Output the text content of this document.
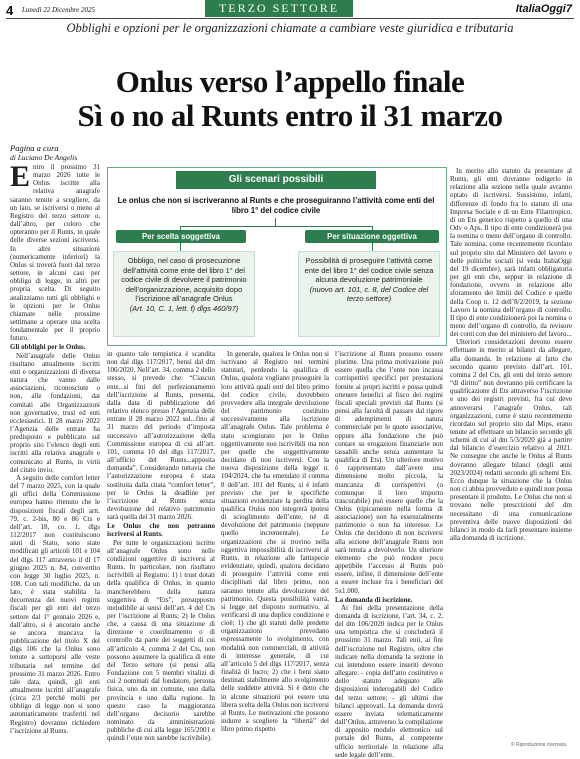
4 Lunedì 22 Dicembre 2025	TERZO SETTORE	ItaliaOggi7
Obblighi e opzioni per le organizzazioni chiamate a cambiare veste giuridica e tributaria
Onlus verso l’appello finale
Sì o no al Runts entro il 31 marzo
Pagina a cura
di Luciano De Angelis
Entro il prossimo 31 marzo 2026 tutte le Onlus iscritte alla relativa anagrafe saranno tenute a scegliere, da un lato, se iscriversi o meno al Registro del terzo settore o, dall’altro, per coloro che opteranno per il Runts, in quale delle diverse sezioni iscriversi. In altre situazioni (numericamente inferiori) la Onlus si troverà fuori dal terzo settore, in alcuni casi per obbligo di legge, in altri per propria scelta. Di seguito analizziamo tutti gli obblighi e le opzioni per le Onlus chiamate nelle prossime settimane a operare una scelta fondamentale per il proprio futuro.

Gli obblighi per le Onlus.

Nell’anagrafe delle Onlus risultano attualmente iscritti enti e organizzazioni di diversa natura che vanno dalle associazioni, riconosciute o non, alle fondazioni, dai comitati alle Organizzazioni non governative, trust ed enti ecclesiastici. Il 28 marzo 2022 l’Agenzia delle entrate ha predisposto e pubblicato sul proprio sito l’elenco degli enti iscritti alla relativa anagrafe e comunicato al Runts, in virtù del citato invio.

A seguito delle comfort letter del 7 marzo 2025, con la quale gli uffici della Commissione europea hanno ritenuto che le disposizioni fiscali degli artt. 79, c. 2-bis, 80 e 86 Cts e dell’art. 18, co. 1, dlgs 112/2017 non costituiscono aiuti di Stato, sono state modificati gli articoli 101 e 104 del dlgs 117 attraverso il dl 17 giugno 2025 n. 84, convertito con legge 30 luglio 2025, n. 108. Con tali modifiche, da un lato, è stata stabilita la decorrenza dei nuovi regimi fiscali per gli enti del terzo settore dal 1° gennaio 2026 e, dall’altro, si è ancorato anche se ancora mancava la pubblicazione del titolo X del dlgs 106 che la Onlus sono tenute a sottoporsi alle veste tributaria nel termine del prossimo 31 marzo 2026. Entro tale data, quindi, gli enti attualmente iscritti all’anagrafe (circa 2/3 perché molti per obbligo di legge non si sono automaticamente trasferiti nel Registro) dovranno richiedere l’iscrizione al Runts.

Gli scenari possibili
Le onlus che non si iscriveranno al Runts e che proseguiranno l’attività come enti del libro 1° del codice civile
Per scelta soggettiva	Per situazione oggettiva
Obbligo, nel caso di prosecuzione dell’attività come ente del libro 1° del codice civile di devolvere il patrimonio dell’organizzazione, acquisito dopo l’iscrizione all’anagrafe Onlus
(Art. 10, C. 1, lett. f) dlgs 460/97)
Possibilità di proseguire l’attività come ente del libro 1° del codice civile senza alcuna devoluzione patrimoniale
(nuovo art. 101, c. 8, del Codice del terzo settore)

in quanto tale tempistica è scandita non dal dlgs 117/2017, bensì dal dm 106/2020. Nell’art. 34, comma 2 dello stesso, si prevede che: “Ciascun ente...si fini del perfezionamento dell’iscrizione al Runts, presenta, dalla data di pubblicazione del relativo elenco presso l’Agenzia delle entrate il 28 marzo 2022 sul...fino al 31 marzo del periodo d’imposta successivo all’autorizzazione della Commissione europea di cui all’art. 101, comma 10 del dlgs 117/2017, all’ufficio del Runts...apposita domanda”. Considerando tuttavia che l’autorizzazione europea è stata sostituita dalla citata “comfort letter”, per le Onlus la deadline per l’iscrizione al Runts senza devoluzione del relativo patrimonio sarà quella del 31 marzo 2026.

Le Onlus che non potranno iscriversi al Runts.

Per tutte le organizzazioni iscritte all’anagrafe Onlus sono nelle condizioni oggettive di iscriversi al Runts. In particolare, non risultano iscrivibili al Registro: 1) i trust dotati della qualifica di Onlus, in quanto mancherebbero della natura soggettiva di “Ets”, presupposto ineludibile ai sensi dell’art. 4 del Cts per l’iscrizione al Runts; 2) le Onlus che, a causa di una situazione di direzione e coordinamento o di controllo da parte dei soggetti di cui all’articolo 4, comma 2 del Cts, non possono assumere la qualifica di ente del Terzo settore (si pensi alla Fondazione con 5 membri vitalizi di cui 2 nominati dal fondatore, persona fisica, uno da un comune, uno dalla provincia e uno dalla regione. In questo caso la maggioranza dell’organo decisorio sarebbe nominato da amministrazioni pubbliche di cui alla legge 165/2001 e quindi l’ente non sarebbe iscrivibile).

In generale, qualora le Onlus non si iscrivano al Registro nei termini statutari, perdendo la qualifica di Onlus, qualora vogliano proseguire la loro attività quali enti del libro primo del codice civile, dovrebbero provvedere alla integrale devoluzione del patrimonio costituito successivamente alla iscrizione all’anagrafe Onlus. Tale problema è stato scongiurato per le Onlus oggettivamente non iscrivibili ma non per quelle che soggettivamente decidano di non iscriversi. Con la nuova disposizione della legge n. 104/2024, che ha emendato il comma 8 dell’art. 101 del Runts, si è infatti previsto che per le specifiche situazioni evidenziate la perdita della qualifica Onlus non integrerà ipotesi di scioglimento dell’ente, né di devoluzione del patrimonio (neppure quello incrementale). Le organizzazioni che si trovino nella oggettiva impossibilità di iscriversi al Runts, in relazione alle fattispecie evidenziate, quindi, qualora decidano di proseguire l’attività come enti disciplinati dal libro primo, non saranno tenute alla devoluzione del patrimonio. Questa possibilità varrà, si legge nel disposto normativo, al verificarsi di una duplice condizione e cioè: 1) che gli statuti delle predette organizzazioni prevedano espressamente lo svolgimento, con modalità non commerciali, di attività di interesse generale, di cui all’articolo 5 del dlgs 117/2017, senza finalità di lucro; 2) che i beni siano destinati stabilmente allo svolgimento delle suddette attività. Si è detto che in alcune situazioni poi essere una libera scelta della Onlus non iscriversi al Runts. Le motivazioni che possono indurre a scegliere la “libertà” del libro primo rispetto

l’iscrizione al Runts possono essere plurime. Una prima motivazione può essere quella che l’ente non incassa corrispettivi specifici per prestazioni fornite ai propri iscritti e possa quindi ottenere benefici al fisco dei regimi fiscali speciali previsti dal Runts (si pensi alla facoltà di passare dal rigore di adempimenti di natura commerciale per le quote associative, oppure alla fondazione che può contare su erogazioni finanziarie non tassabili anche senza aumentare la qualifica di Ets). Un ulteriore motivo è rappresentato dall’avere una dimensione molto piccola, la mancanza di corrispettivi (o comunque il loro importo trascurabile) può essere quelle che la Onlus (tipicamente nella forma di associazione) non ha essenzialmente patrimonio o non ha interesse. Le Onlus che decidono di non iscriversi alla sezione dell’anagrafe Runts non sarà tenuta a devolverlo. Un ulteriore elemento che può rendere poco appetibile l’accesso al Runts può essere, infine, il dimensione dell’ente a essere incluse fra i beneficiari del 5x1.000.

La domanda di iscrizione.

Ai fini della presentazione della domanda di iscrizione, l’art. 34, c. 2, del dm 106/2020 indica per le Onlus una tempistica che si concluderà il prossimo 31 marzo. Tali enti, ai fini dell’iscrizione nel Registro, oltre che indicare nella domanda la sezione in cui intendono essere inseriti devono allegare: - copia dell’atto costitutivo e dello statuto adeguato alle disposizioni inderogabili del Codice del terzo settore; - gli ultimi due bilanci approvati. La domanda dovrà essere inviata telematicamente dall’Onlus, attraverso la compilazione di apposito modulo elettronico sul portale del Runts, al competente ufficio territoriale in relazione alla sede legale dell’ente.

In merito allo statuto da presentare al Runts, gli enti dovranno redigerlo in relazione alla sezione nella quale avranno optato di iscriversi. Sussistono, infatti, differenze di fondo fra lo statuto di una Impresa Sociale e di un Ente Filantropico, di un Ets generico rispetto a quello di una Odv o Aps. Il tipo di ente condizionerà poi la nomina o meno dell’organo di controllo. Tale nomina, come recentemente ricordato sul proprio sito dal Ministero del lavoro e delle politiche sociali (si veda ItaliaOggi del 19 dicembre), sarà infatti obbligatoria per gli enti che, seppur in relazione di fondazione, ovvero in relazione allo sforamento dei limiti del Codice e quelle della Coop n. 12 dell’8/2/2019, la sezione Lavoro la nomina dell’organo di controllo. Il tipo di ente condizionerà poi la nomina o meno dell’organo di controllo, da revisore dei conti con due del ministero del lavoro...

Ulteriori considerazioni devono essere effettuate in merito ai bilanci da allegare, alla domanda. In relazione al fatto che secondo quanto previsto dall’art. 101, comma 2 del Cts, gli enti del terzo settore “di diritto” non dovranno più certificare la qualificazione di Ets attraverso l’iscrizione e uno dei registri previsti, fra cui deve annoverarsi l’anagrafe Onlus, tali organizzazioni, come è stato recentemente ricordato sul proprio sito dal Mips, erano tenute ad effettuare un bilancio secondo gli schemi di cui al dm 5/3/2020 già a partire dal bilancio d’esercizio relativo al 2021. Ne consegue che anche le Onlus al Runts dovranno allegare bilanci (degli anni 2023/2024) redatti secondo gli schemi Ets. Ecco dunque la situazione che la Onlus non ci abbia provveduto e quindi non possa presentare il prodotto. Le Onlus che non si trovano nelle prescrizioni del dm necessitano di una comunicazione preventiva delle nuove disposizioni dei bilanci in modo da farli presentare insieme alla domanda di iscrizione.

© Riproduzione riservata
